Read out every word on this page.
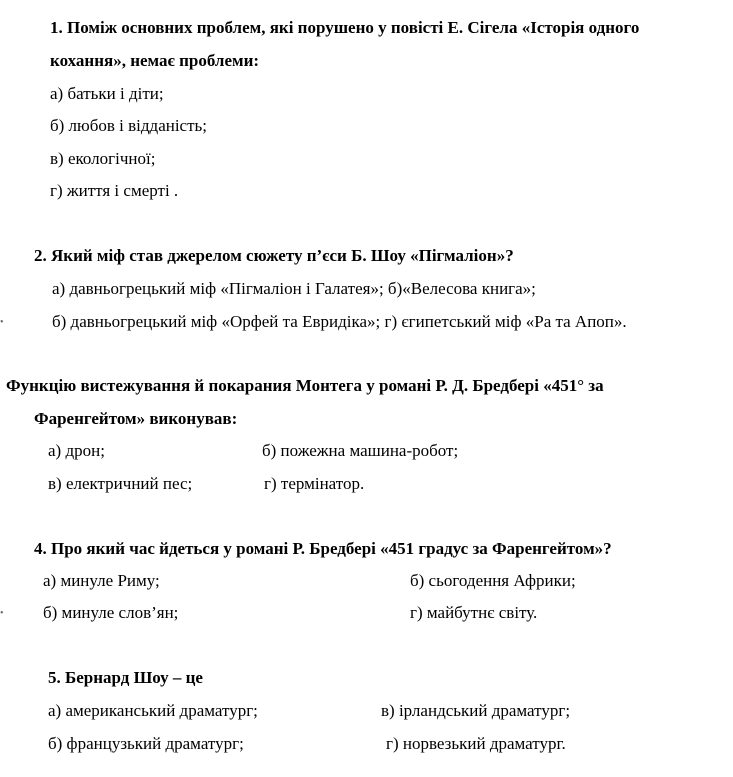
1. Поміж основних проблем, які порушено у повісті Е. Сігела «Історія одного
кохання», немає проблеми:
а) батьки і діти;
б) любов і відданість;
в) екологічної;
г) життя і смерті .
2. Який міф став джерелом сюжету п’єси Б. Шоу «Пігмаліон»?
а) давньогрецький міф «Пігмаліон і Галатея»; б)«Велесова книга»;
•	б) давньогрецький міф «Орфей та Евридіка»; г) єгипетський міф «Ра та Апоп».
Функцію вистежування й покарания Монтега у романі Р. Д. Бредбері «451° за
Фаренгейтом» виконував:
а) дрон;	б) пожежна машина-робот;
в) електричний пес;	г) термінатор.
4. Про який час йдеться у романі Р. Бредбері «451 градус за Фаренгейтом»?
а) минуле Риму;	б) сьогодення Африки;
• б) минуле слов’ян;	г) майбутнє світу.
5. Бернард Шоу – це
а) американський драматург;	в) ірландський драматург;
б) французький драматург;	г) норвезький драматург.
